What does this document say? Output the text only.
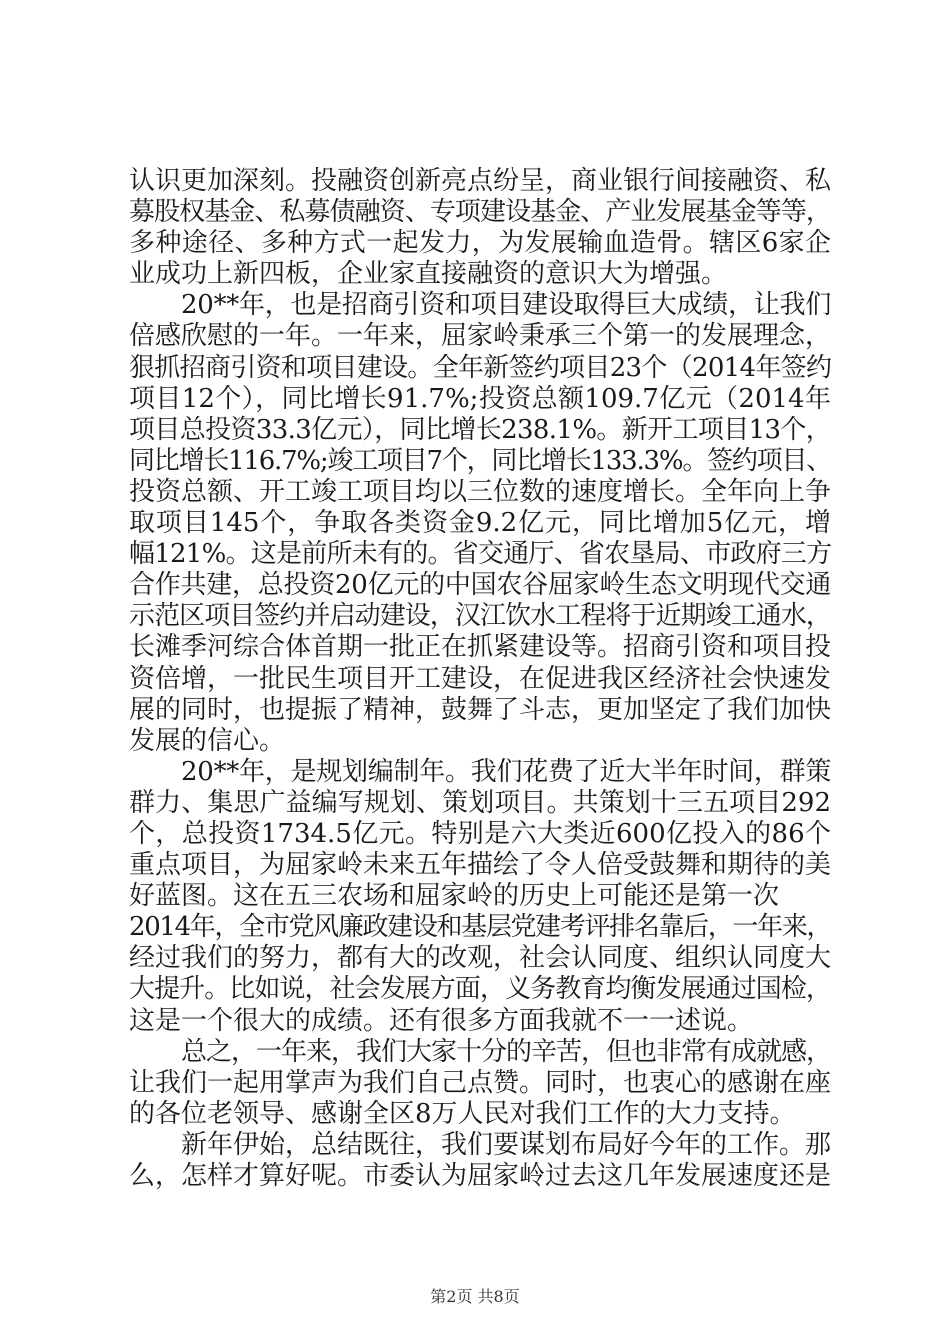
认识更加深刻。投融资创新亮点纷呈，商业银行间接融资、私
募股权基金、私募债融资、专项建设基金、产业发展基金等等，
多种途径、多种方式一起发力，为发展输血造骨。辖区6家企
业成功上新四板，企业家直接融资的意识大为增强。
20**年，也是招商引资和项目建设取得巨大成绩，让我们
倍感欣慰的一年。一年来，屈家岭秉承三个第一的发展理念，
狠抓招商引资和项目建设。全年新签约项目23个（2014年签约
项目12个），同比增长91.7%;投资总额109.7亿元（2014年
项目总投资33.3亿元），同比增长238.1%。新开工项目13个，
同比增长116.7%;竣工项目7个，同比增长133.3%。签约项目、
投资总额、开工竣工项目均以三位数的速度增长。全年向上争
取项目145个，争取各类资金9.2亿元，同比增加5亿元，增
幅121%。这是前所未有的。省交通厅、省农垦局、市政府三方
合作共建，总投资20亿元的中国农谷屈家岭生态文明现代交通
示范区项目签约并启动建设，汉江饮水工程将于近期竣工通水，
长滩季河综合体首期一批正在抓紧建设等。招商引资和项目投
资倍增，一批民生项目开工建设，在促进我区经济社会快速发
展的同时，也提振了精神，鼓舞了斗志，更加坚定了我们加快
发展的信心。
20**年，是规划编制年。我们花费了近大半年时间，群策
群力、集思广益编写规划、策划项目。共策划十三五项目292
个，总投资1734.5亿元。特别是六大类近600亿投入的86个
重点项目，为屈家岭未来五年描绘了令人倍受鼓舞和期待的美
好蓝图。这在五三农场和屈家岭的历史上可能还是第一次
2014年，全市党风廉政建设和基层党建考评排名靠后，一年来，
经过我们的努力，都有大的改观，社会认同度、组织认同度大
大提升。比如说，社会发展方面，义务教育均衡发展通过国检，
这是一个很大的成绩。还有很多方面我就不一一述说。
总之，一年来，我们大家十分的辛苦，但也非常有成就感，
让我们一起用掌声为我们自己点赞。同时，也衷心的感谢在座
的各位老领导、感谢全区8万人民对我们工作的大力支持。
新年伊始，总结既往，我们要谋划布局好今年的工作。那
么，怎样才算好呢。市委认为屈家岭过去这几年发展速度还是
第2页 共8页
